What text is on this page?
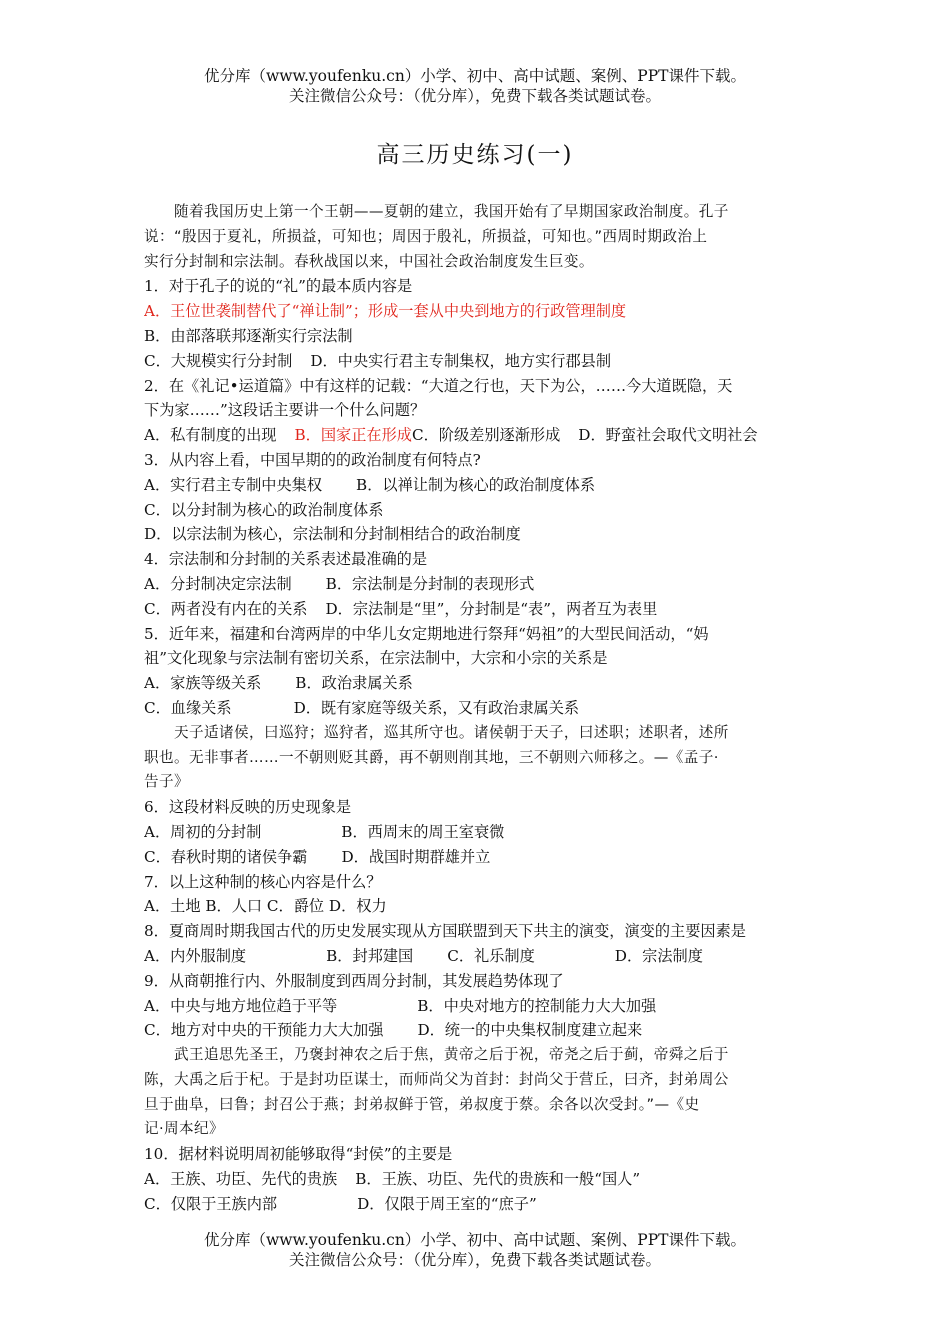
优分库（www.youfenku.cn）小学、初中、高中试题、案例、PPT课件下载。
关注微信公众号：（优分库），免费下载各类试题试卷。
高三历史练习(一)
随着我国历史上第一个王朝——夏朝的建立，我国开始有了早期国家政治制度。孔子
说：“殷因于夏礼，所损益，可知也；周因于殷礼，所损益，可知也。”西周时期政治上
实行分封制和宗法制。春秋战国以来，中国社会政治制度发生巨变。
1．对于孔子的说的“礼”的最本质内容是
A．王位世袭制替代了“禅让制”；形成一套从中央到地方的行政管理制度
B．由部落联邦逐渐实行宗法制
C．大规模实行分封制 D．中央实行君主专制集权，地方实行郡县制
2．在《礼记•运道篇》中有这样的记载：“大道之行也，天下为公，……今大道既隐，天
下为家……”这段话主要讲一个什么问题？
A．私有制度的出现 B．国家正在形成C．阶级差别逐渐形成 D．野蛮社会取代文明社会
3．从内容上看，中国早期的的政治制度有何特点?
A．实行君主专制中央集权 B．以禅让制为核心的政治制度体系
C．以分封制为核心的政治制度体系
D．以宗法制为核心，宗法制和分封制相结合的政治制度
4．宗法制和分封制的关系表述最准确的是
A．分封制决定宗法制 B．宗法制是分封制的表现形式
C．两者没有内在的关系 D．宗法制是“里”，分封制是“表”，两者互为表里
5．近年来，福建和台湾两岸的中华儿女定期地进行祭拜“妈祖”的大型民间活动，“妈
祖”文化现象与宗法制有密切关系，在宗法制中，大宗和小宗的关系是
A．家族等级关系 B．政治隶属关系
C．血缘关系	D．既有家庭等级关系，又有政治隶属关系
天子适诸侯，曰巡狩；巡狩者，巡其所守也。诸侯朝于天子，曰述职；述职者，述所
职也。无非事者……一不朝则贬其爵，再不朝则削其地，三不朝则六师移之。—《孟子·
告子》
6．这段材料反映的历史现象是
A．周初的分封制	B．西周末的周王室衰微
C．春秋时期的诸侯争霸 D．战国时期群雄并立
7．以上这种制的核心内容是什么？
A．土地 B．人口 C．爵位 D．权力
8．夏商周时期我国古代的历史发展实现从方国联盟到天下共主的演变，演变的主要因素是
A．内外服制度	B．封邦建国 C．礼乐制度	D．宗法制度
9．从商朝推行内、外服制度到西周分封制，其发展趋势体现了
A．中央与地方地位趋于平等	B．中央对地方的控制能力大大加强
C．地方对中央的干预能力大大加强 D．统一的中央集权制度建立起来
武王追思先圣王，乃褒封神农之后于焦，黄帝之后于祝，帝尧之后于蓟，帝舜之后于
陈，大禹之后于杞。于是封功臣谋士，而师尚父为首封：封尚父于营丘，曰齐，封弟周公
旦于曲阜，曰鲁；封召公于燕；封弟叔鲜于管，弟叔度于蔡。余各以次受封。”—《史
记·周本纪》
10．据材料说明周初能够取得“封侯”的主要是
A．王族、功臣、先代的贵族 B．王族、功臣、先代的贵族和一般“国人”
C．仅限于王族内部	D．仅限于周王室的“庶子”
优分库（www.youfenku.cn）小学、初中、高中试题、案例、PPT课件下载。
关注微信公众号：（优分库），免费下载各类试题试卷。
